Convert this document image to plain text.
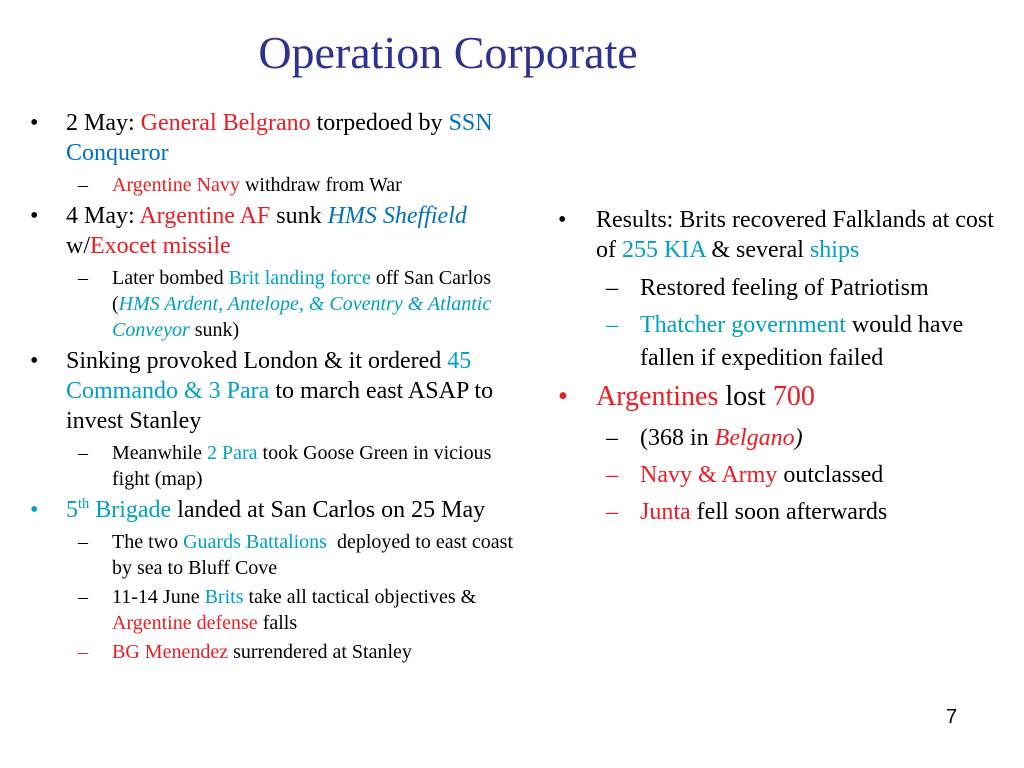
Operation Corporate
• 2 May: General Belgrano torpedoed by SSN Conqueror
– Argentine Navy withdraw from War
• 4 May: Argentine AF sunk HMS Sheffield w/Exocet missile
– Later bombed Brit landing force off San Carlos (HMS Ardent, Antelope, & Coventry & Atlantic Conveyor sunk)
• Sinking provoked London & it ordered 45 Commando & 3 Para to march east ASAP to invest Stanley
– Meanwhile 2 Para took Goose Green in vicious fight (map)
• 5th Brigade landed at San Carlos on 25 May
– The two Guards Battalions  deployed to east coast by sea to Bluff Cove
– 11-14 June Brits take all tactical objectives & Argentine defense falls
– BG Menendez surrendered at Stanley
• Results: Brits recovered Falklands at cost of 255 KIA & several ships
– Restored feeling of Patriotism
– Thatcher government would have fallen if expedition failed
• Argentines lost 700
– (368 in Belgano)
– Navy & Army outclassed
– Junta fell soon afterwards
7
